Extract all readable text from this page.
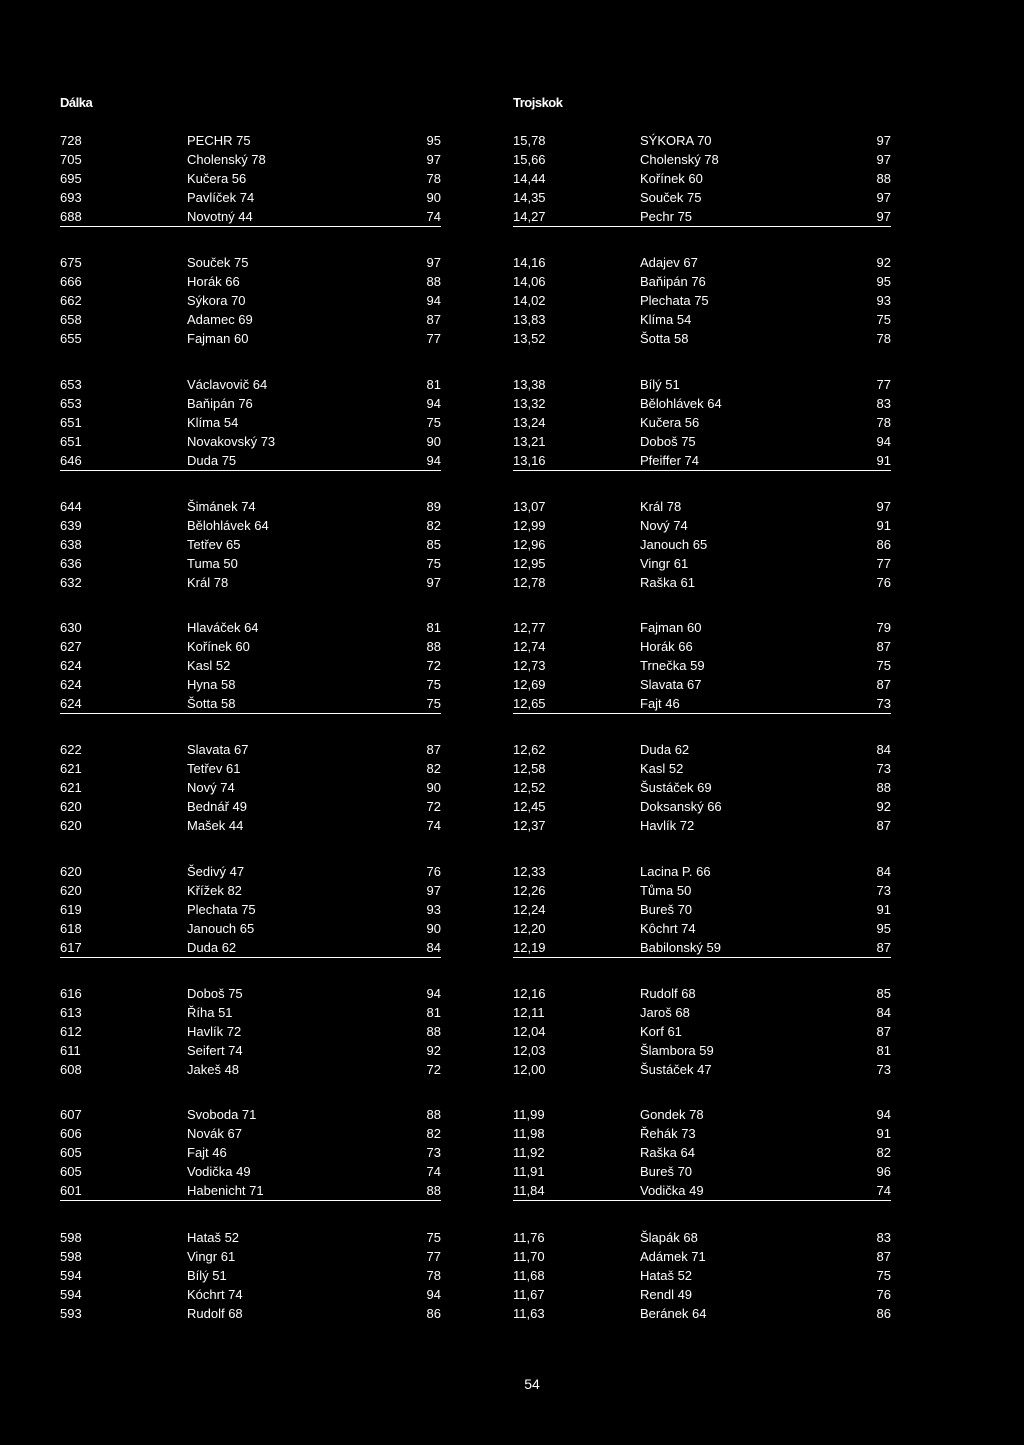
Dálka
728	PECHR 75	95
705	Cholenský 78	97
695	Kučera 56	78
693	Pavlíček 74	90
688	Novotný 44	74
675	Souček 75	97
666	Horák 66	88
662	Sýkora 70	94
658	Adamec 69	87
655	Fajman 60	77
653	Václavovič 64	81
653	Baňipán 76	94
651	Klíma 54	75
651	Novakovský 73	90
646	Duda 75	94
644	Šimánek 74	89
639	Bělohlávek 64	82
638	Tetřev 65	85
636	Tuma 50	75
632	Král 78	97
630	Hlaváček 64	81
627	Kořínek 60	88
624	Kasl 52	72
624	Hyna 58	75
624	Šotta 58	75
622	Slavata 67	87
621	Tetřev 61	82
621	Nový 74	90
620	Bednář 49	72
620	Mašek 44	74
620	Šedivý 47	76
620	Křížek 82	97
619	Plechata 75	93
618	Janouch 65	90
617	Duda 62	84
616	Doboš 75	94
613	Říha 51	81
612	Havlík 72	88
611	Seifert 74	92
608	Jakeš 48	72
607	Svoboda 71	88
606	Novák 67	82
605	Fajt 46	73
605	Vodička 49	74
601	Habenicht 71	88
598	Hataš 52	75
598	Vingr 61	77
594	Bílý 51	78
594	Kóchrt 74	94
593	Rudolf 68	86
Trojskok
15,78	SÝKORA 70	97
15,66	Cholenský 78	97
14,44	Kořínek 60	88
14,35	Souček 75	97
14,27	Pechr 75	97
14,16	Adajev 67	92
14,06	Baňipán 76	95
14,02	Plechata 75	93
13,83	Klíma 54	75
13,52	Šotta 58	78
13,38	Bílý 51	77
13,32	Bělohlávek 64	83
13,24	Kučera 56	78
13,21	Doboš 75	94
13,16	Pfeiffer 74	91
13,07	Král 78	97
12,99	Nový 74	91
12,96	Janouch 65	86
12,95	Vingr 61	77
12,78	Raška 61	76
12,77	Fajman 60	79
12,74	Horák 66	87
12,73	Trnečka 59	75
12,69	Slavata 67	87
12,65	Fajt 46	73
12,62	Duda 62	84
12,58	Kasl 52	73
12,52	Šustáček 69	88
12,45	Doksanský 66	92
12,37	Havlík 72	87
12,33	Lacina P. 66	84
12,26	Tůma 50	73
12,24	Bureš 70	91
12,20	Kôchrt 74	95
12,19	Babilonský 59	87
12,16	Rudolf 68	85
12,11	Jaroš 68	84
12,04	Korf 61	87
12,03	Šlambora 59	81
12,00	Šustáček 47	73
11,99	Gondek 78	94
11,98	Řehák 73	91
11,92	Raška 64	82
11,91	Bureš 70	96
11,84	Vodička 49	74
11,76	Šlapák 68	83
11,70	Adámek 71	87
11,68	Hataš 52	75
11,67	Rendl 49	76
11,63	Beránek 64	86
54
